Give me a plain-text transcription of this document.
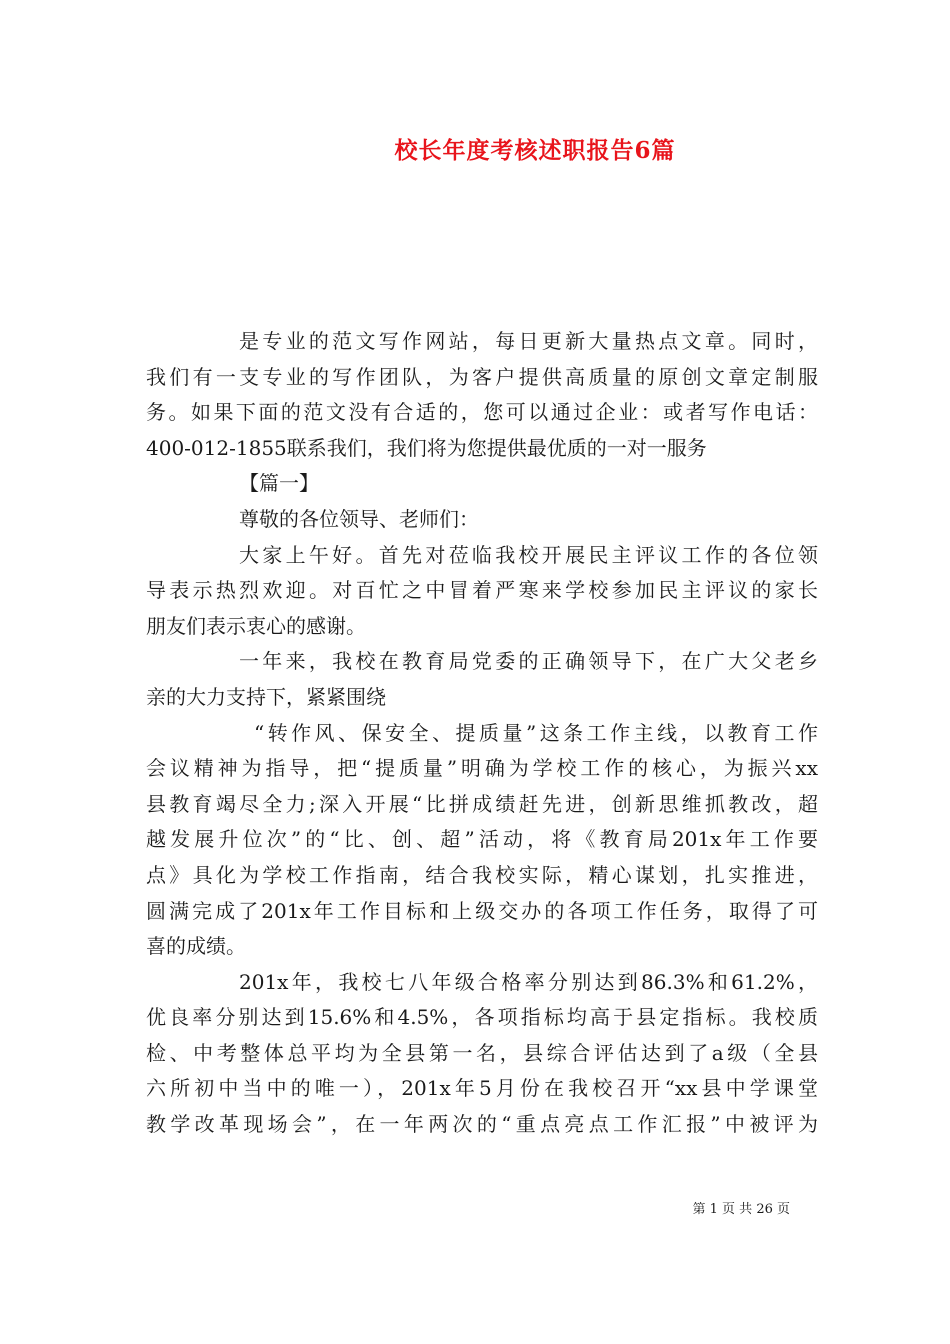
校长年度考核述职报告6篇
是专业的范文写作网站，每日更新大量热点文章。同时，
我们有一支专业的写作团队，为客户提供高质量的原创文章定制服
务。如果下面的范文没有合适的，您可以通过企业：或者写作电话：
400-012-1855联系我们，我们将为您提供最优质的一对一服务
【篇一】
尊敬的各位领导、老师们：
大家上午好。首先对莅临我校开展民主评议工作的各位领
导表示热烈欢迎。对百忙之中冒着严寒来学校参加民主评议的家长
朋友们表示衷心的感谢。
一年来，我校在教育局党委的正确领导下，在广大父老乡
亲的大力支持下，紧紧围绕
“转作风、保安全、提质量”这条工作主线，以教育工作
会议精神为指导，把“提质量”明确为学校工作的核心，为振兴xx
县教育竭尽全力;深入开展“比拼成绩赶先进，创新思维抓教改，超
越发展升位次”的“比、创、超”活动，将《教育局201x年工作要
点》具化为学校工作指南，结合我校实际，精心谋划，扎实推进，
圆满完成了201x年工作目标和上级交办的各项工作任务，取得了可
喜的成绩。
201x年，我校七八年级合格率分别达到86.3%和61.2%，
优良率分别达到15.6%和4.5%，各项指标均高于县定指标。我校质
检、中考整体总平均为全县第一名，县综合评估达到了a级（全县
六所初中当中的唯一），201x年5月份在我校召开“xx县中学课堂
教学改革现场会”，在一年两次的“重点亮点工作汇报”中被评为
第 1 页 共 26 页
